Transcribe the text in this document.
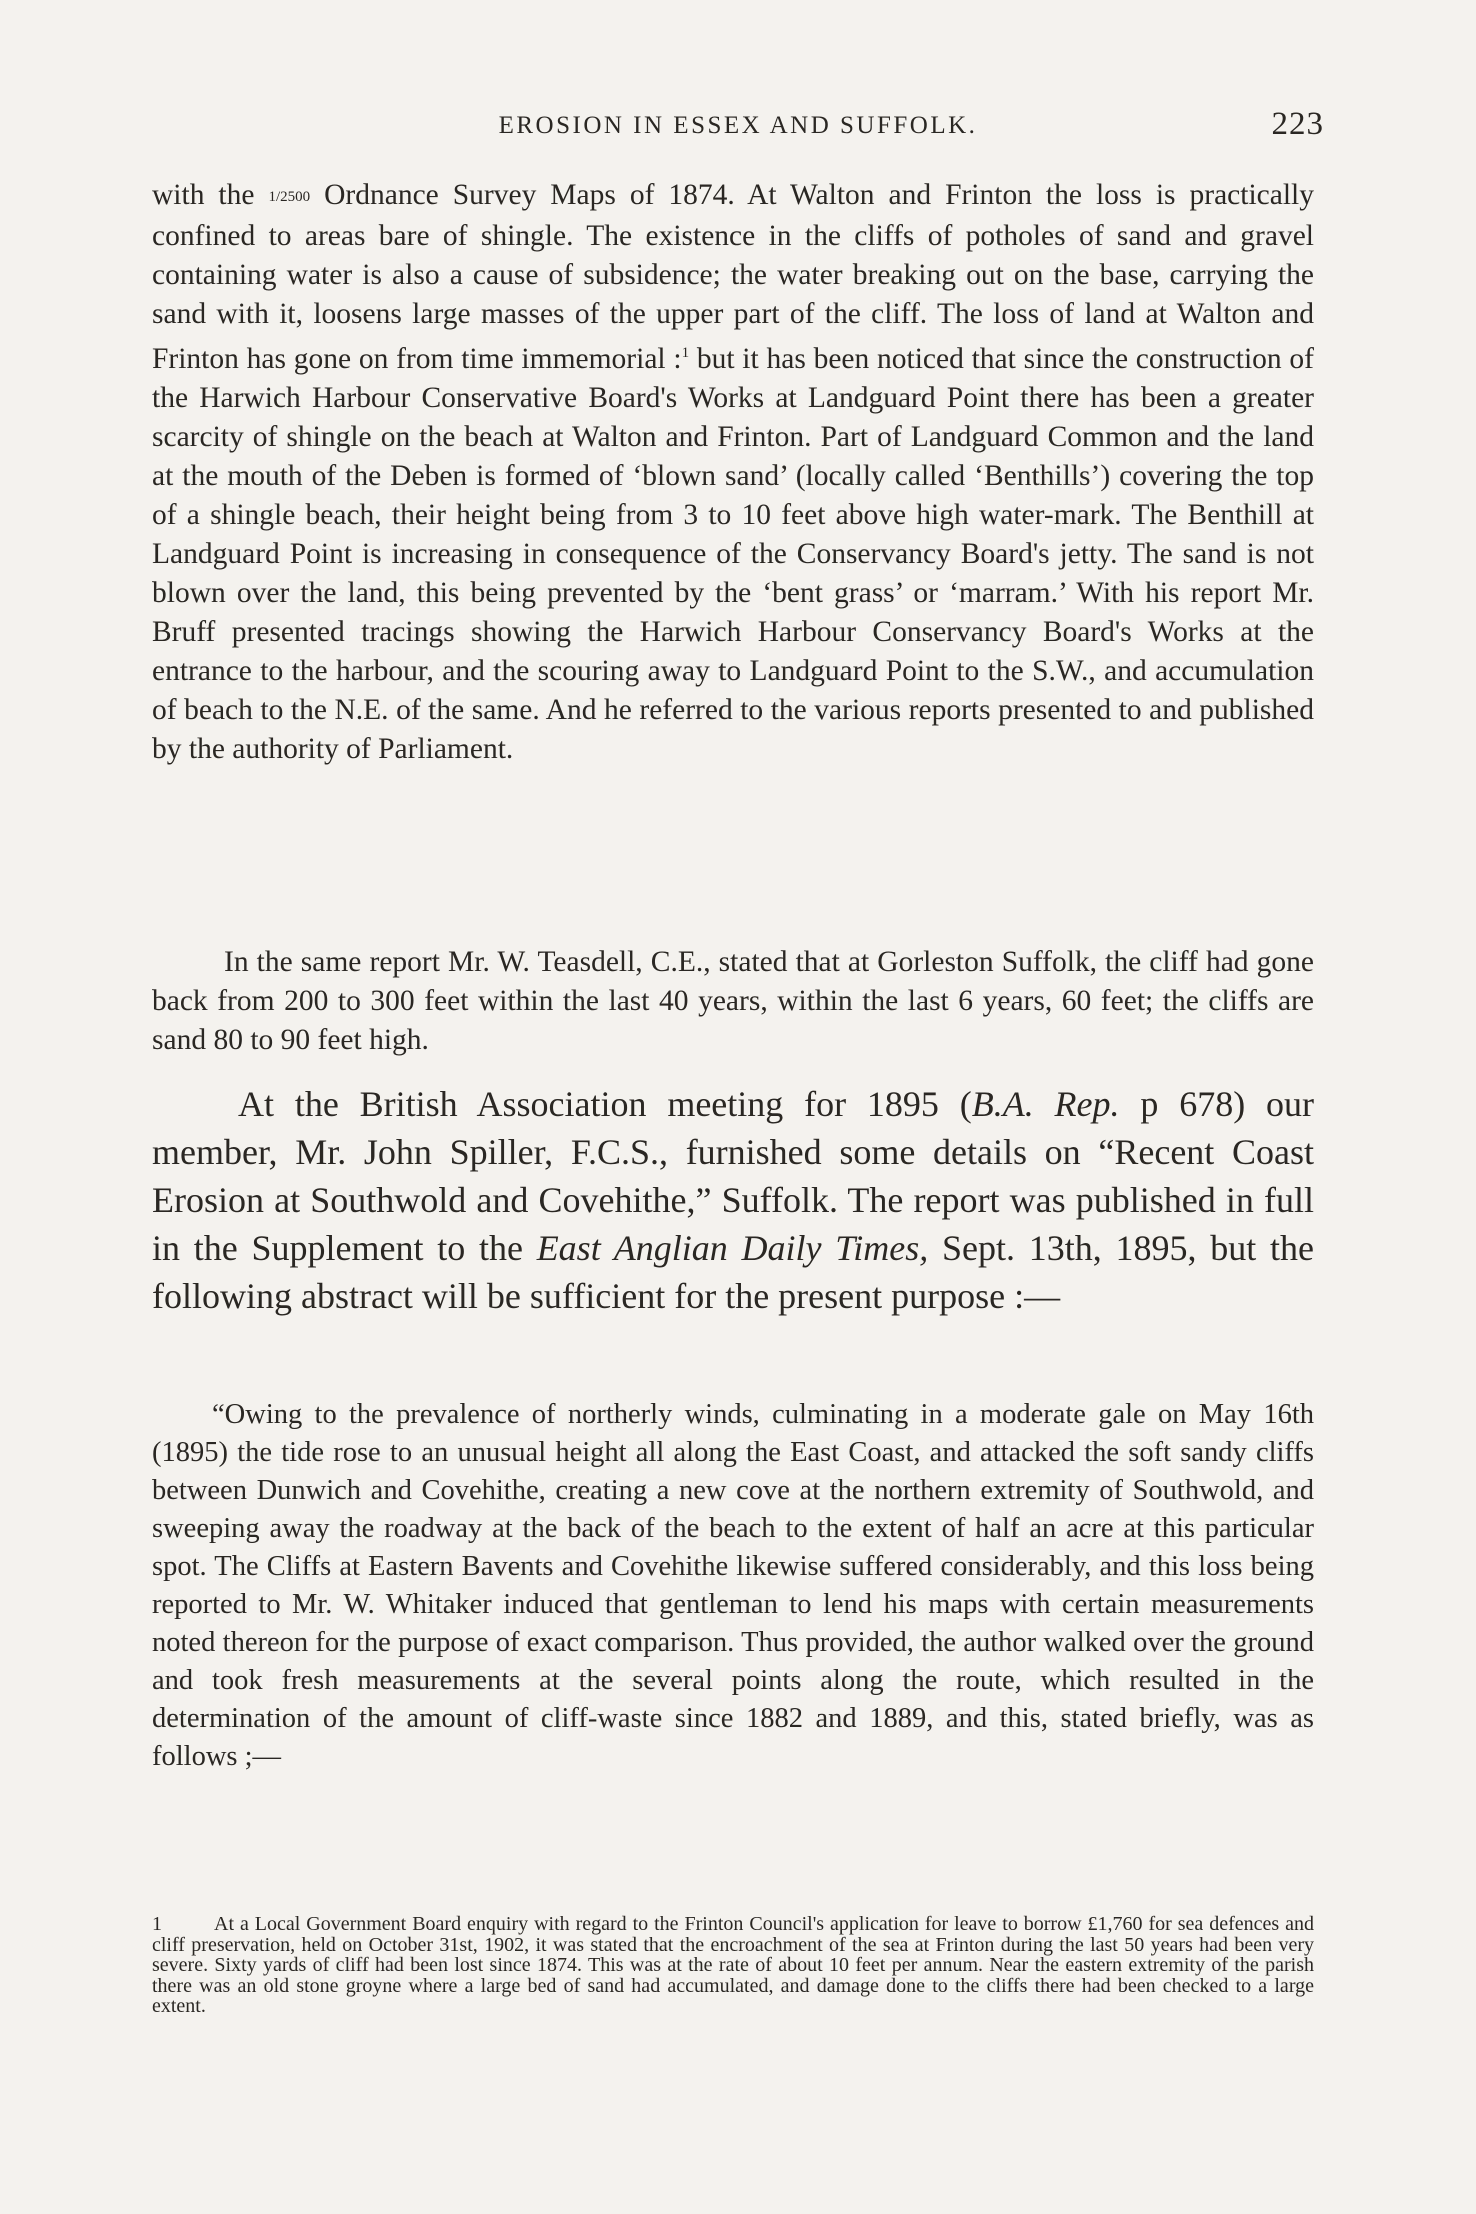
EROSION IN ESSEX AND SUFFOLK.	223

with the 1/2500 Ordnance Survey Maps of 1874. At Walton and Frinton the loss is practically confined to areas bare of shingle. The existence in the cliffs of potholes of sand and gravel containing water is also a cause of subsidence; the water breaking out on the base, carrying the sand with it, loosens large masses of the upper part of the cliff. The loss of land at Walton and Frinton has gone on from time immemorial :$^1$ but it has been noticed that since the construction of the Harwich Harbour Conservative Board's Works at Landguard Point there has been a greater scarcity of shingle on the beach at Walton and Frinton. Part of Landguard Common and the land at the mouth of the Deben is formed of ‘blown sand’ (locally called ‘Benthills’) covering the top of a shingle beach, their height being from 3 to 10 feet above high water-mark. The Benthill at Landguard Point is increasing in consequence of the Conservancy Board's jetty. The sand is not blown over the land, this being prevented by the ‘bent grass’ or ‘marram.’ With his report Mr. Bruff presented tracings showing the Harwich Harbour Conservancy Board's Works at the entrance to the harbour, and the scouring away to Landguard Point to the S.W., and accumulation of beach to the N.E. of the same. And he referred to the various reports presented to and published by the authority of Parliament.

In the same report Mr. W. Teasdell, C.E., stated that at Gorleston Suffolk, the cliff had gone back from 200 to 300 feet within the last 40 years, within the last 6 years, 60 feet; the cliffs are sand 80 to 90 feet high.

At the British Association meeting for 1895 (B.A. Rep. p 678) our member, Mr. John Spiller, F.C.S., furnished some details on “Recent Coast Erosion at Southwold and Covehithe,” Suffolk. The report was published in full in the Supplement to the East Anglian Daily Times, Sept. 13th, 1895, but the following abstract will be sufficient for the present purpose :—

“Owing to the prevalence of northerly winds, culminating in a moderate gale on May 16th (1895) the tide rose to an unusual height all along the East Coast, and attacked the soft sandy cliffs between Dunwich and Covehithe, creating a new cove at the northern extremity of Southwold, and sweeping away the roadway at the back of the beach to the extent of half an acre at this particular spot. The Cliffs at Eastern Bavents and Covehithe likewise suffered considerably, and this loss being reported to Mr. W. Whitaker induced that gentleman to lend his maps with certain measurements noted thereon for the purpose of exact comparison. Thus provided, the author walked over the ground and took fresh measurements at the several points along the route, which resulted in the determination of the amount of cliff-waste since 1882 and 1889, and this, stated briefly, was as follows ;—

1	At a Local Government Board enquiry with regard to the Frinton Council's application for leave to borrow £1,760 for sea defences and cliff preservation, held on October 31st, 1902, it was stated that the encroachment of the sea at Frinton during the last 50 years had been very severe. Sixty yards of cliff had been lost since 1874. This was at the rate of about 10 feet per annum. Near the eastern extremity of the parish there was an old stone groyne where a large bed of sand had accumulated, and damage done to the cliffs there had been checked to a large extent.
